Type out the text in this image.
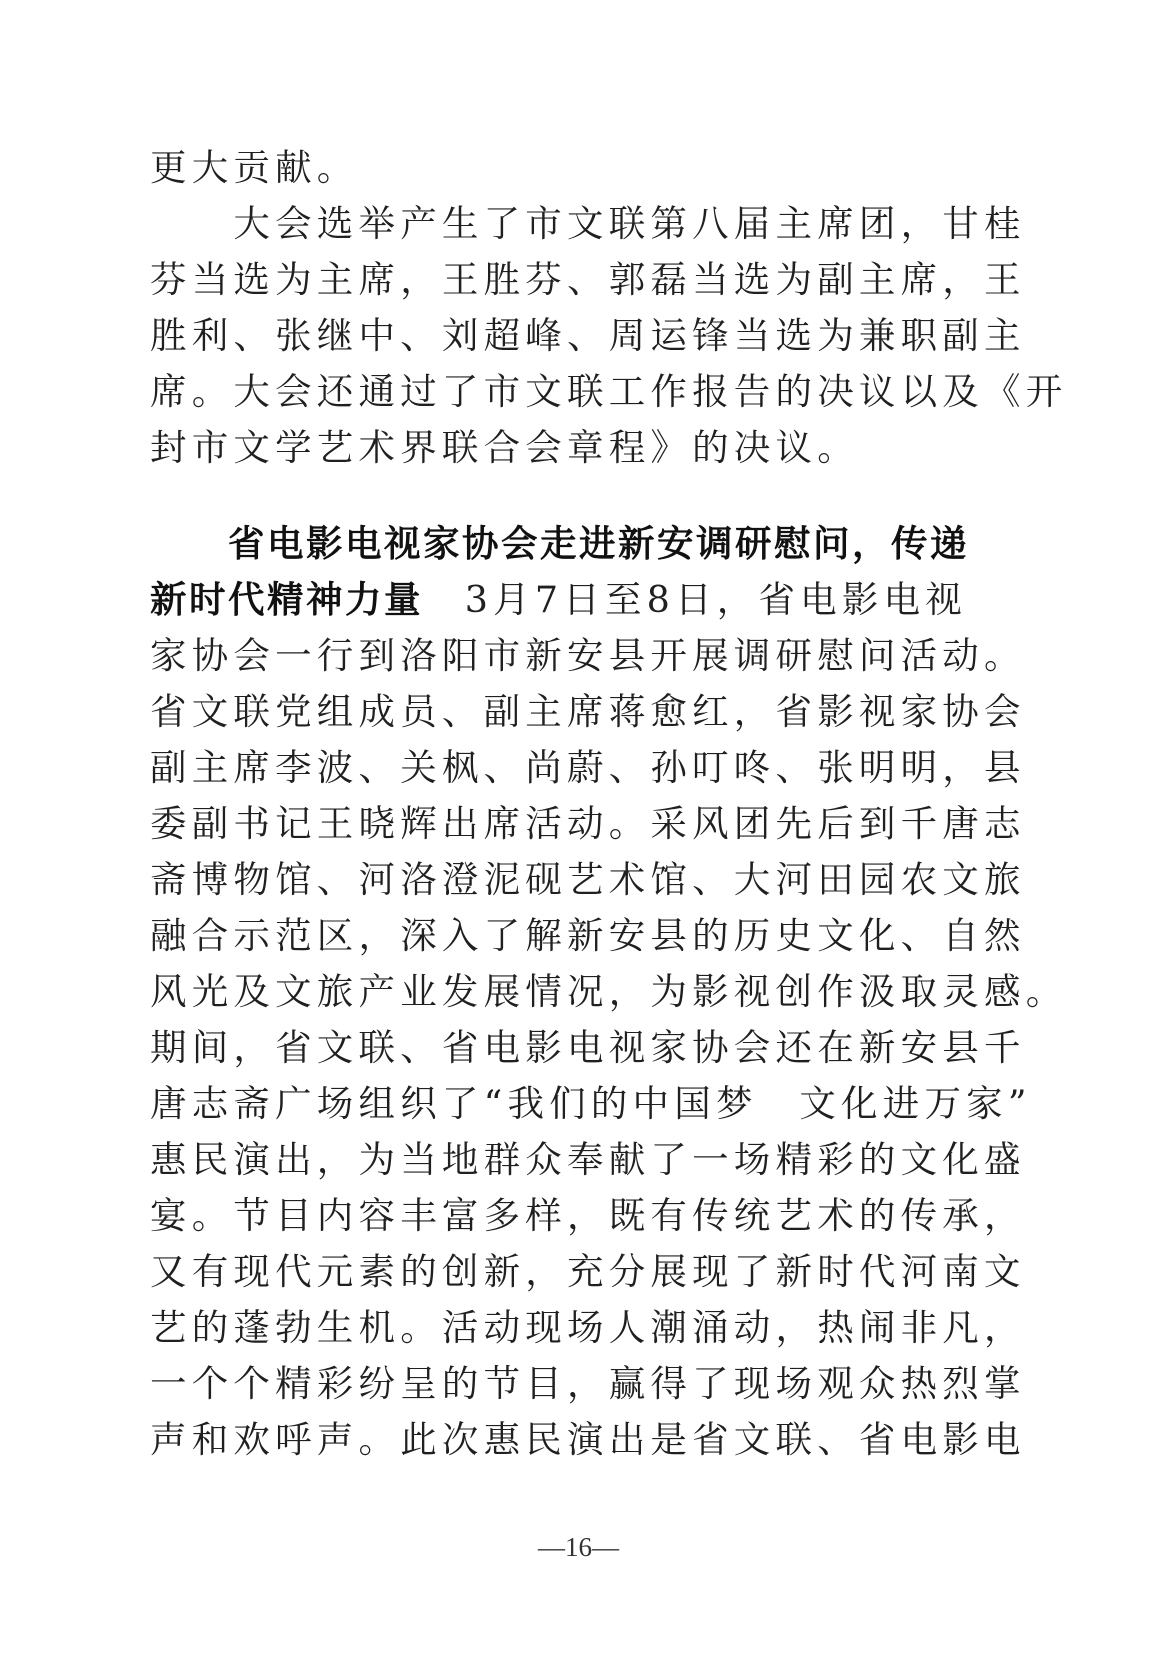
更大贡献。
　　大会选举产生了市文联第八届主席团，甘桂
芬当选为主席，王胜芬、郭磊当选为副主席，王
胜利、张继中、刘超峰、周运锋当选为兼职副主
席。大会还通过了市文联工作报告的决议以及《开
封市文学艺术界联合会章程》的决议。
　　省电影电视家协会走进新安调研慰问，传递
新时代精神力量　3月7日至8日，省电影电视
家协会一行到洛阳市新安县开展调研慰问活动。
省文联党组成员、副主席蒋愈红，省影视家协会
副主席李波、关枫、尚蔚、孙叮咚、张明明，县
委副书记王晓辉出席活动。采风团先后到千唐志
斋博物馆、河洛澄泥砚艺术馆、大河田园农文旅
融合示范区，深入了解新安县的历史文化、自然
风光及文旅产业发展情况，为影视创作汲取灵感。
期间，省文联、省电影电视家协会还在新安县千
唐志斋广场组织了“我们的中国梦　文化进万家”
惠民演出，为当地群众奉献了一场精彩的文化盛
宴。节目内容丰富多样，既有传统艺术的传承，
又有现代元素的创新，充分展现了新时代河南文
艺的蓬勃生机。活动现场人潮涌动，热闹非凡，
一个个精彩纷呈的节目，赢得了现场观众热烈掌
声和欢呼声。此次惠民演出是省文联、省电影电
—16—
